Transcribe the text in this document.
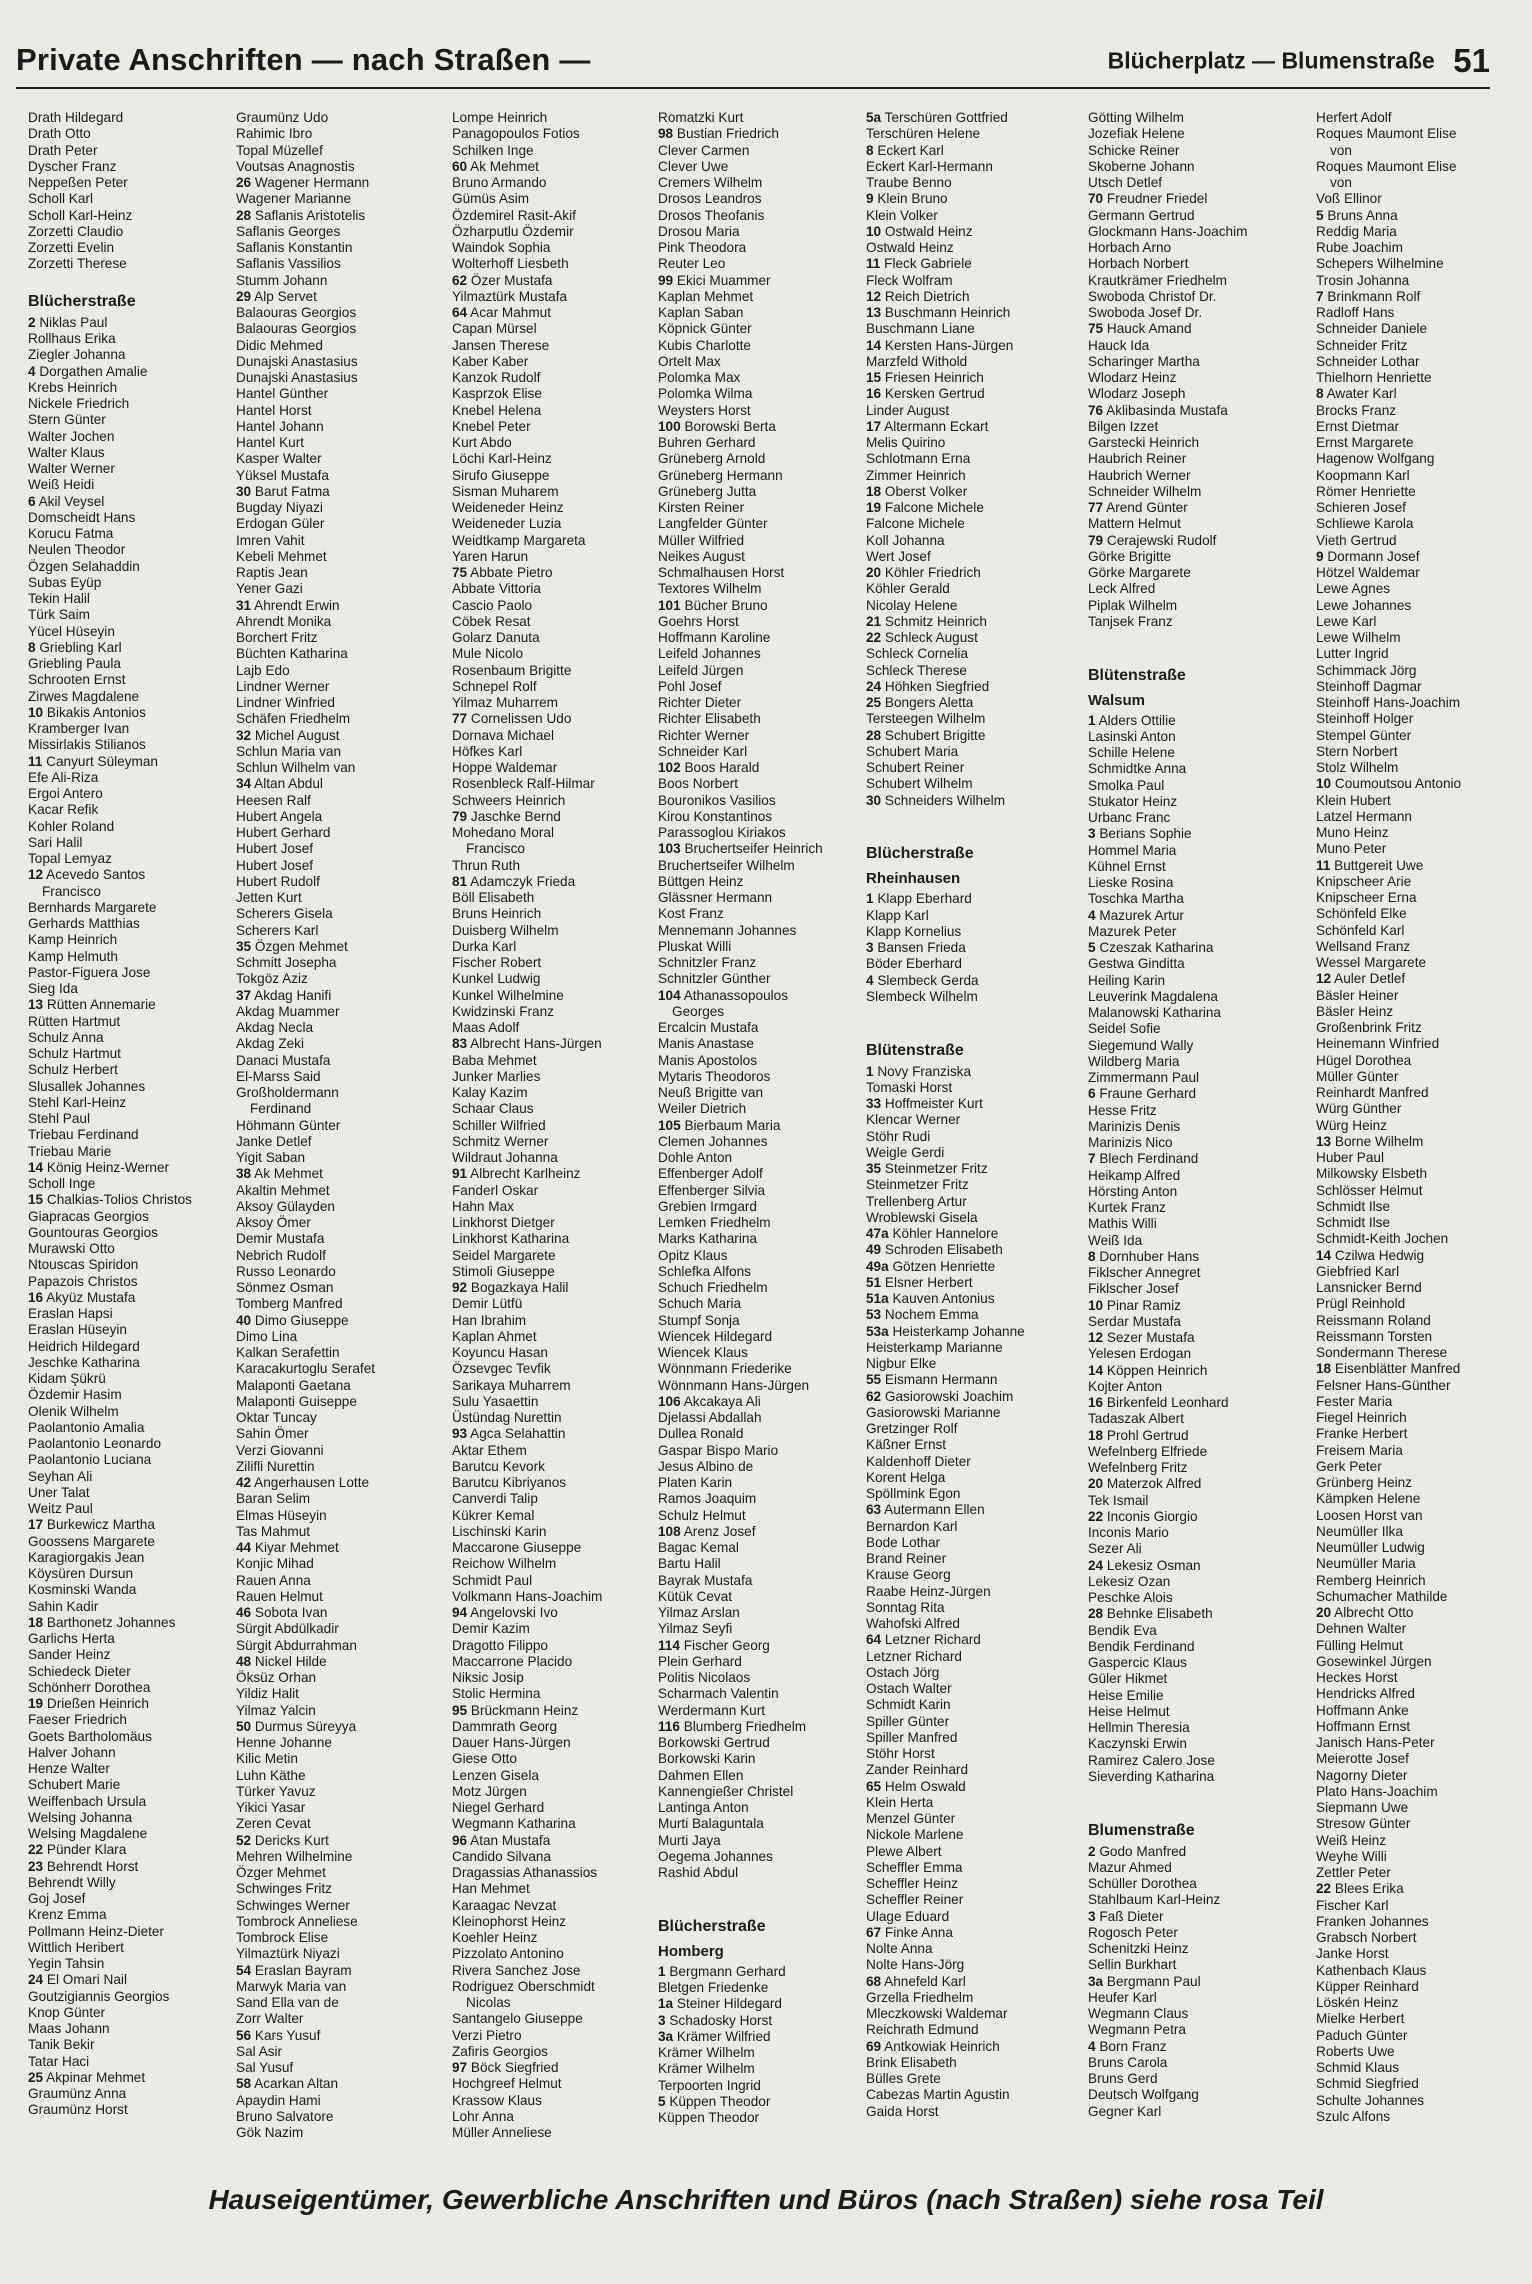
Private Anschriften — nach Straßen —	Blücherplatz — Blumenstraße 51
Drath Hildegard
Drath Otto
Drath Peter
Dyscher Franz
Neppeßen Peter
Scholl Karl
Scholl Karl-Heinz
Zorzetti Claudio
Zorzetti Evelin
Zorzetti Therese
Blücherstraße
2 Niklas Paul
Rollhaus Erika
Ziegler Johanna
4 Dorgathen Amalie
Krebs Heinrich
Nickele Friedrich
Stern Günter
Walter Jochen
Walter Klaus
Walter Werner
Weiß Heidi
6 Akil Veysel
Domscheidt Hans
Korucu Fatma
Neulen Theodor
Özgen Selahaddin
Subas Eyüp
Tekin Halil
Türk Saim
Yücel Hüseyin
8 Griebling Karl
Griebling Paula
Schrooten Ernst
Zirwes Magdalene
10 Bikakis Antonios
Kramberger Ivan
Missirlakis Stilianos
11 Canyurt Süleyman
Efe Ali-Riza
Ergoi Antero
Kacar Refik
Kohler Roland
Sari Halil
Topal Lemyaz
12 Acevedo Santos
Francisco
Bernhards Margarete
Gerhards Matthias
Kamp Heinrich
Kamp Helmuth
Pastor-Figuera Jose
Sieg Ida
13 Rütten Annemarie
Rütten Hartmut
Schulz Anna
Schulz Hartmut
Schulz Herbert
Slusallek Johannes
Stehl Karl-Heinz
Stehl Paul
Triebau Ferdinand
Triebau Marie
14 König Heinz-Werner
Scholl Inge
15 Chalkias-Tolios Christos
Giapracas Georgios
Gountouras Georgios
Murawski Otto
Ntouscas Spiridon
Papazois Christos
16 Akyüz Mustafa
Eraslan Hapsi
Eraslan Hüseyin
Heidrich Hildegard
Jeschke Katharina
Kidam Şükrü
Özdemir Hasim
Olenik Wilhelm
Paolantonio Amalia
Paolantonio Leonardo
Paolantonio Luciana
Seyhan Ali
Uner Talat
Weitz Paul
17 Burkewicz Martha
Goossens Margarete
Karagiorgakis Jean
Köysüren Dursun
Kosminski Wanda
Sahin Kadir
18 Barthonetz Johannes
Garlichs Herta
Sander Heinz
Schiedeck Dieter
Schönherr Dorothea
19 Drießen Heinrich
Faeser Friedrich
Goets Bartholomäus
Halver Johann
Henze Walter
Schubert Marie
Weiffenbach Ursula
Welsing Johanna
Welsing Magdalene
22 Pünder Klara
23 Behrendt Horst
Behrendt Willy
Goj Josef
Krenz Emma
Pollmann Heinz-Dieter
Wittlich Heribert
Yegin Tahsin
24 El Omari Nail
Goutzigiannis Georgios
Knop Günter
Maas Johann
Tanik Bekir
Tatar Haci
25 Akpinar Mehmet
Graumünz Anna
Graumünz Horst
Graumünz Udo
Rahimic Ibro
Topal Müzellef
Voutsas Anagnostis
26 Wagener Hermann
Wagener Marianne
28 Saflanis Aristotelis
Saflanis Georges
Saflanis Konstantin
Saflanis Vassilios
Stumm Johann
29 Alp Servet
Balaouras Georgios
Balaouras Georgios
Didic Mehmed
Dunajski Anastasius
Dunajski Anastasius
Hantel Günther
Hantel Horst
Hantel Johann
Hantel Kurt
Kasper Walter
Yüksel Mustafa
30 Barut Fatma
Bugday Niyazi
Erdogan Güler
Imren Vahit
Kebeli Mehmet
Raptis Jean
Yener Gazi
31 Ahrendt Erwin
Ahrendt Monika
Borchert Fritz
Büchten Katharina
Lajb Edo
Lindner Werner
Lindner Winfried
Schäfen Friedhelm
32 Michel August
Schlun Maria van
Schlun Wilhelm van
34 Altan Abdul
Heesen Ralf
Hubert Angela
Hubert Gerhard
Hubert Josef
Hubert Josef
Hubert Rudolf
Jetten Kurt
Scherers Gisela
Scherers Karl
35 Özgen Mehmet
Schmitt Josepha
Tokgöz Aziz
37 Akdag Hanifi
Akdag Muammer
Akdag Necla
Akdag Zeki
Danaci Mustafa
El-Marss Said
Großholdermann
Ferdinand
Höhmann Günter
Janke Detlef
Yigit Saban
38 Ak Mehmet
Akaltin Mehmet
Aksoy Gülayden
Aksoy Ömer
Demir Mustafa
Nebrich Rudolf
Russo Leonardo
Sönmez Osman
Tomberg Manfred
40 Dimo Giuseppe
Dimo Lina
Kalkan Serafettin
Karacakurtoglu Serafet
Malaponti Gaetana
Malaponti Guiseppe
Oktar Tuncay
Sahin Ömer
Verzi Giovanni
Zilifli Nurettin
42 Angerhausen Lotte
Baran Selim
Elmas Hüseyin
Tas Mahmut
44 Kiyar Mehmet
Konjic Mihad
Rauen Anna
Rauen Helmut
46 Sobota Ivan
Sürgit Abdülkadir
Sürgit Abdurrahman
48 Nickel Hilde
Öksüz Orhan
Yildiz Halit
Yilmaz Yalcin
50 Durmus Süreyya
Henne Johanne
Kilic Metin
Luhn Käthe
Türker Yavuz
Yikici Yasar
Zeren Cevat
52 Dericks Kurt
Mehren Wilhelmine
Özger Mehmet
Schwinges Fritz
Schwinges Werner
Tombrock Anneliese
Tombrock Elise
Yilmaztürk Niyazi
54 Eraslan Bayram
Marwyk Maria van
Sand Ella van de
Zorr Walter
56 Kars Yusuf
Sal Asir
Sal Yusuf
58 Acarkan Altan
Apaydin Hami
Bruno Salvatore
Gök Nazim
Lompe Heinrich
Panagopoulos Fotios
Schilken Inge
60 Ak Mehmet
Bruno Armando
Gümüs Asim
Özdemirel Rasit-Akif
Özharputlu Özdemir
Waindok Sophia
Wolterhoff Liesbeth
62 Özer Mustafa
Yilmaztürk Mustafa
64 Acar Mahmut
Capan Mürsel
Jansen Therese
Kaber Kaber
Kanzok Rudolf
Kasprzok Elise
Knebel Helena
Knebel Peter
Kurt Abdo
Löchi Karl-Heinz
Sirufo Giuseppe
Sisman Muharem
Weideneder Heinz
Weideneder Luzia
Weidtkamp Margareta
Yaren Harun
75 Abbate Pietro
Abbate Vittoria
Cascio Paolo
Cöbek Resat
Golarz Danuta
Mule Nicolo
Rosenbaum Brigitte
Schnepel Rolf
Yilmaz Muharrem
77 Cornelissen Udo
Dornava Michael
Höfkes Karl
Hoppe Waldemar
Rosenbleck Ralf-Hilmar
Schweers Heinrich
79 Jaschke Bernd
Mohedano Moral
Francisco
Thrun Ruth
81 Adamczyk Frieda
Böll Elisabeth
Bruns Heinrich
Duisberg Wilhelm
Durka Karl
Fischer Robert
Kunkel Ludwig
Kunkel Wilhelmine
Kwidzinski Franz
Maas Adolf
83 Albrecht Hans-Jürgen
Baba Mehmet
Junker Marlies
Kalay Kazim
Schaar Claus
Schiller Wilfried
Schmitz Werner
Wildraut Johanna
91 Albrecht Karlheinz
Fanderl Oskar
Hahn Max
Linkhorst Dietger
Linkhorst Katharina
Seidel Margarete
Stimoli Giuseppe
92 Bogazkaya Halil
Demir Lütfü
Han Ibrahim
Kaplan Ahmet
Koyuncu Hasan
Özsevgec Tevfik
Sarikaya Muharrem
Sulu Yasaettin
Üstündag Nurettin
93 Agca Selahattin
Aktar Ethem
Barutcu Kevork
Barutcu Kibriyanos
Canverdi Talip
Kükrer Kemal
Lischinski Karin
Maccarone Giuseppe
Reichow Wilhelm
Schmidt Paul
Volkmann Hans-Joachim
94 Angelovski Ivo
Demir Kazim
Dragotto Filippo
Maccarrone Placido
Niksic Josip
Stolic Hermina
95 Brückmann Heinz
Dammrath Georg
Dauer Hans-Jürgen
Giese Otto
Lenzen Gisela
Motz Jürgen
Niegel Gerhard
Wegmann Katharina
96 Atan Mustafa
Candido Silvana
Dragassias Athanassios
Han Mehmet
Karaagac Nevzat
Kleinophorst Heinz
Koehler Heinz
Pizzolato Antonino
Rivera Sanchez Jose
Rodriguez Oberschmidt
Nicolas
Santangelo Giuseppe
Verzi Pietro
Zafiris Georgios
97 Böck Siegfried
Hochgreef Helmut
Krassow Klaus
Lohr Anna
Müller Anneliese
Romatzki Kurt
98 Bustian Friedrich
Clever Carmen
Clever Uwe
Cremers Wilhelm
Drosos Leandros
Drosos Theofanis
Drosou Maria
Pink Theodora
Reuter Leo
99 Ekici Muammer
Kaplan Mehmet
Kaplan Saban
Köpnick Günter
Kubis Charlotte
Ortelt Max
Polomka Max
Polomka Wilma
Weysters Horst
100 Borowski Berta
Buhren Gerhard
Grüneberg Arnold
Grüneberg Hermann
Grüneberg Jutta
Kirsten Reiner
Langfelder Günter
Müller Wilfried
Neikes August
Schmalhausen Horst
Textores Wilhelm
101 Bücher Bruno
Goehrs Horst
Hoffmann Karoline
Leifeld Johannes
Leifeld Jürgen
Pohl Josef
Richter Dieter
Richter Elisabeth
Richter Werner
Schneider Karl
102 Boos Harald
Boos Norbert
Bouronikos Vasilios
Kirou Konstantinos
Parassoglou Kiriakos
103 Bruchertseifer Heinrich
Bruchertseifer Wilhelm
Büttgen Heinz
Glässner Hermann
Kost Franz
Mennemann Johannes
Pluskat Willi
Schnitzler Franz
Schnitzler Günther
104 Athanassopoulos
Georges
Ercalcin Mustafa
Manis Anastase
Manis Apostolos
Mytaris Theodoros
Neuß Brigitte van
Weiler Dietrich
105 Bierbaum Maria
Clemen Johannes
Dohle Anton
Effenberger Adolf
Effenberger Silvia
Grebien Irmgard
Lemken Friedhelm
Marks Katharina
Opitz Klaus
Schlefka Alfons
Schuch Friedhelm
Schuch Maria
Stumpf Sonja
Wiencek Hildegard
Wiencek Klaus
Wönnmann Friederike
Wönnmann Hans-Jürgen
106 Akcakaya Ali
Djelassi Abdallah
Dullea Ronald
Gaspar Bispo Mario
Jesus Albino de
Platen Karin
Ramos Joaquim
Schulz Helmut
108 Arenz Josef
Bagac Kemal
Bartu Halil
Bayrak Mustafa
Kütük Cevat
Yilmaz Arslan
Yilmaz Seyfi
114 Fischer Georg
Plein Gerhard
Politis Nicolaos
Scharmach Valentin
Werdermann Kurt
116 Blumberg Friedhelm
Borkowski Gertrud
Borkowski Karin
Dahmen Ellen
Kannengießer Christel
Lantinga Anton
Murti Balaguntala
Murti Jaya
Oegema Johannes
Rashid Abdul
Blücherstraße
Homberg
1 Bergmann Gerhard
Bletgen Friedenke
1a Steiner Hildegard
3 Schadosky Horst
3a Krämer Wilfried
Krämer Wilhelm
Krämer Wilhelm
Terpoorten Ingrid
5 Küppen Theodor
Küppen Theodor
5a Terschüren Gottfried
Terschüren Helene
8 Eckert Karl
Eckert Karl-Hermann
Traube Benno
9 Klein Bruno
Klein Volker
10 Ostwald Heinz
Ostwald Heinz
11 Fleck Gabriele
Fleck Wolfram
12 Reich Dietrich
13 Buschmann Heinrich
Buschmann Liane
14 Kersten Hans-Jürgen
Marzfeld Withold
15 Friesen Heinrich
16 Kersken Gertrud
Linder August
17 Altermann Eckart
Melis Quirino
Schlotmann Erna
Zimmer Heinrich
18 Oberst Volker
19 Falcone Michele
Falcone Michele
Koll Johanna
Wert Josef
20 Köhler Friedrich
Köhler Gerald
Nicolay Helene
21 Schmitz Heinrich
22 Schleck August
Schleck Cornelia
Schleck Therese
24 Höhken Siegfried
25 Bongers Aletta
Tersteegen Wilhelm
28 Schubert Brigitte
Schubert Maria
Schubert Reiner
Schubert Wilhelm
30 Schneiders Wilhelm
Blücherstraße
Rheinhausen
1 Klapp Eberhard
Klapp Karl
Klapp Kornelius
3 Bansen Frieda
Böder Eberhard
4 Slembeck Gerda
Slembeck Wilhelm
Blütenstraße
1 Novy Franziska
Tomaski Horst
33 Hoffmeister Kurt
Klencar Werner
Stöhr Rudi
Weigle Gerdi
35 Steinmetzer Fritz
Steinmetzer Fritz
Trellenberg Artur
Wroblewski Gisela
47a Köhler Hannelore
49 Schroden Elisabeth
49a Götzen Henriette
51 Elsner Herbert
51a Kauven Antonius
53 Nochem Emma
53a Heisterkamp Johanne
Heisterkamp Marianne
Nigbur Elke
55 Eismann Hermann
62 Gasiorowski Joachim
Gasiorowski Marianne
Gretzinger Rolf
Käßner Ernst
Kaldenhoff Dieter
Korent Helga
Spöllmink Egon
63 Autermann Ellen
Bernardon Karl
Bode Lothar
Brand Reiner
Krause Georg
Raabe Heinz-Jürgen
Sonntag Rita
Wahofski Alfred
64 Letzner Richard
Letzner Richard
Ostach Jörg
Ostach Walter
Schmidt Karin
Spiller Günter
Spiller Manfred
Stöhr Horst
Zander Reinhard
65 Helm Oswald
Klein Herta
Menzel Günter
Nickole Marlene
Plewe Albert
Scheffler Emma
Scheffler Heinz
Scheffler Reiner
Ulage Eduard
67 Finke Anna
Nolte Anna
Nolte Hans-Jörg
68 Ahnefeld Karl
Grzella Friedhelm
Mleczkowski Waldemar
Reichrath Edmund
69 Antkowiak Heinrich
Brink Elisabeth
Bülles Grete
Cabezas Martin Agustin
Gaida Horst
Götting Wilhelm
Jozefiak Helene
Schicke Reiner
Skoberne Johann
Utsch Detlef
70 Freudner Friedel
Germann Gertrud
Glockmann Hans-Joachim
Horbach Arno
Horbach Norbert
Krautkrämer Friedhelm
Swoboda Christof Dr.
Swoboda Josef Dr.
75 Hauck Amand
Hauck Ida
Scharinger Martha
Wlodarz Heinz
Wlodarz Joseph
76 Aklibasinda Mustafa
Bilgen Izzet
Garstecki Heinrich
Haubrich Reiner
Haubrich Werner
Schneider Wilhelm
77 Arend Günter
Mattern Helmut
79 Cerajewski Rudolf
Görke Brigitte
Görke Margarete
Leck Alfred
Piplak Wilhelm
Tanjsek Franz
Blütenstraße
Walsum
1 Alders Ottilie
Lasinski Anton
Schille Helene
Schmidtke Anna
Smolka Paul
Stukator Heinz
Urbanc Franc
3 Berians Sophie
Hommel Maria
Kühnel Ernst
Lieske Rosina
Toschka Martha
4 Mazurek Artur
Mazurek Peter
5 Czeszak Katharina
Gestwa Ginditta
Heiling Karin
Leuverink Magdalena
Malanowski Katharina
Seidel Sofie
Siegemund Wally
Wildberg Maria
Zimmermann Paul
6 Fraune Gerhard
Hesse Fritz
Marinizis Denis
Marinizis Nico
7 Blech Ferdinand
Heikamp Alfred
Hörsting Anton
Kurtek Franz
Mathis Willi
Weiß Ida
8 Dornhuber Hans
Fiklscher Annegret
Fiklscher Josef
10 Pinar Ramiz
Serdar Mustafa
12 Sezer Mustafa
Yelesen Erdogan
14 Köppen Heinrich
Kojter Anton
16 Birkenfeld Leonhard
Tadaszak Albert
18 Prohl Gertrud
Wefelnberg Elfriede
Wefelnberg Fritz
20 Materzok Alfred
Tek Ismail
22 Inconis Giorgio
Inconis Mario
Sezer Ali
24 Lekesiz Osman
Lekesiz Ozan
Peschke Alois
28 Behnke Elisabeth
Bendik Eva
Bendik Ferdinand
Gaspercic Klaus
Güler Hikmet
Heise Emilie
Heise Helmut
Hellmin Theresia
Kaczynski Erwin
Ramirez Calero Jose
Sieverding Katharina
Blumenstraße
2 Godo Manfred
Mazur Ahmed
Schüller Dorothea
Stahlbaum Karl-Heinz
3 Faß Dieter
Rogosch Peter
Schenitzki Heinz
Sellin Burkhart
3a Bergmann Paul
Heufer Karl
Wegmann Claus
Wegmann Petra
4 Born Franz
Bruns Carola
Bruns Gerd
Deutsch Wolfgang
Gegner Karl
Herfert Adolf
Roques Maumont Elise
von
Roques Maumont Elise
von
Voß Ellinor
5 Bruns Anna
Reddig Maria
Rube Joachim
Schepers Wilhelmine
Trosin Johanna
7 Brinkmann Rolf
Radloff Hans
Schneider Daniele
Schneider Fritz
Schneider Lothar
Thielhorn Henriette
8 Awater Karl
Brocks Franz
Ernst Dietmar
Ernst Margarete
Hagenow Wolfgang
Koopmann Karl
Römer Henriette
Schieren Josef
Schliewe Karola
Vieth Gertrud
9 Dormann Josef
Hötzel Waldemar
Lewe Agnes
Lewe Johannes
Lewe Karl
Lewe Wilhelm
Lutter Ingrid
Schimmack Jörg
Steinhoff Dagmar
Steinhoff Hans-Joachim
Steinhoff Holger
Stempel Günter
Stern Norbert
Stolz Wilhelm
10 Coumoutsou Antonio
Klein Hubert
Latzel Hermann
Muno Heinz
Muno Peter
11 Buttgereit Uwe
Knipscheer Arie
Knipscheer Erna
Schönfeld Elke
Schönfeld Karl
Wellsand Franz
Wessel Margarete
12 Auler Detlef
Bäsler Heiner
Bäsler Heinz
Großenbrink Fritz
Heinemann Winfried
Hügel Dorothea
Müller Günter
Reinhardt Manfred
Würg Günther
Würg Heinz
13 Borne Wilhelm
Huber Paul
Milkowsky Elsbeth
Schlösser Helmut
Schmidt Ilse
Schmidt Ilse
Schmidt-Keith Jochen
14 Czilwa Hedwig
Giebfried Karl
Lansnicker Bernd
Prügl Reinhold
Reissmann Roland
Reissmann Torsten
Sondermann Therese
18 Eisenblätter Manfred
Felsner Hans-Günther
Fester Maria
Fiegel Heinrich
Franke Herbert
Freisem Maria
Gerk Peter
Grünberg Heinz
Kämpken Helene
Loosen Horst van
Neumüller Ilka
Neumüller Ludwig
Neumüller Maria
Remberg Heinrich
Schumacher Mathilde
20 Albrecht Otto
Dehnen Walter
Fülling Helmut
Gosewinkel Jürgen
Heckes Horst
Hendricks Alfred
Hoffmann Anke
Hoffmann Ernst
Janisch Hans-Peter
Meierotte Josef
Nagorny Dieter
Plato Hans-Joachim
Siepmann Uwe
Stresow Günter
Weiß Heinz
Weyhe Willi
Zettler Peter
22 Blees Erika
Fischer Karl
Franken Johannes
Grabsch Norbert
Janke Horst
Kathenbach Klaus
Küpper Reinhard
Löskén Heinz
Mielke Herbert
Paduch Günter
Roberts Uwe
Schmid Klaus
Schmid Siegfried
Schulte Johannes
Szulc Alfons
Hauseigentümer, Gewerbliche Anschriften und Büros (nach Straßen) siehe rosa Teil
